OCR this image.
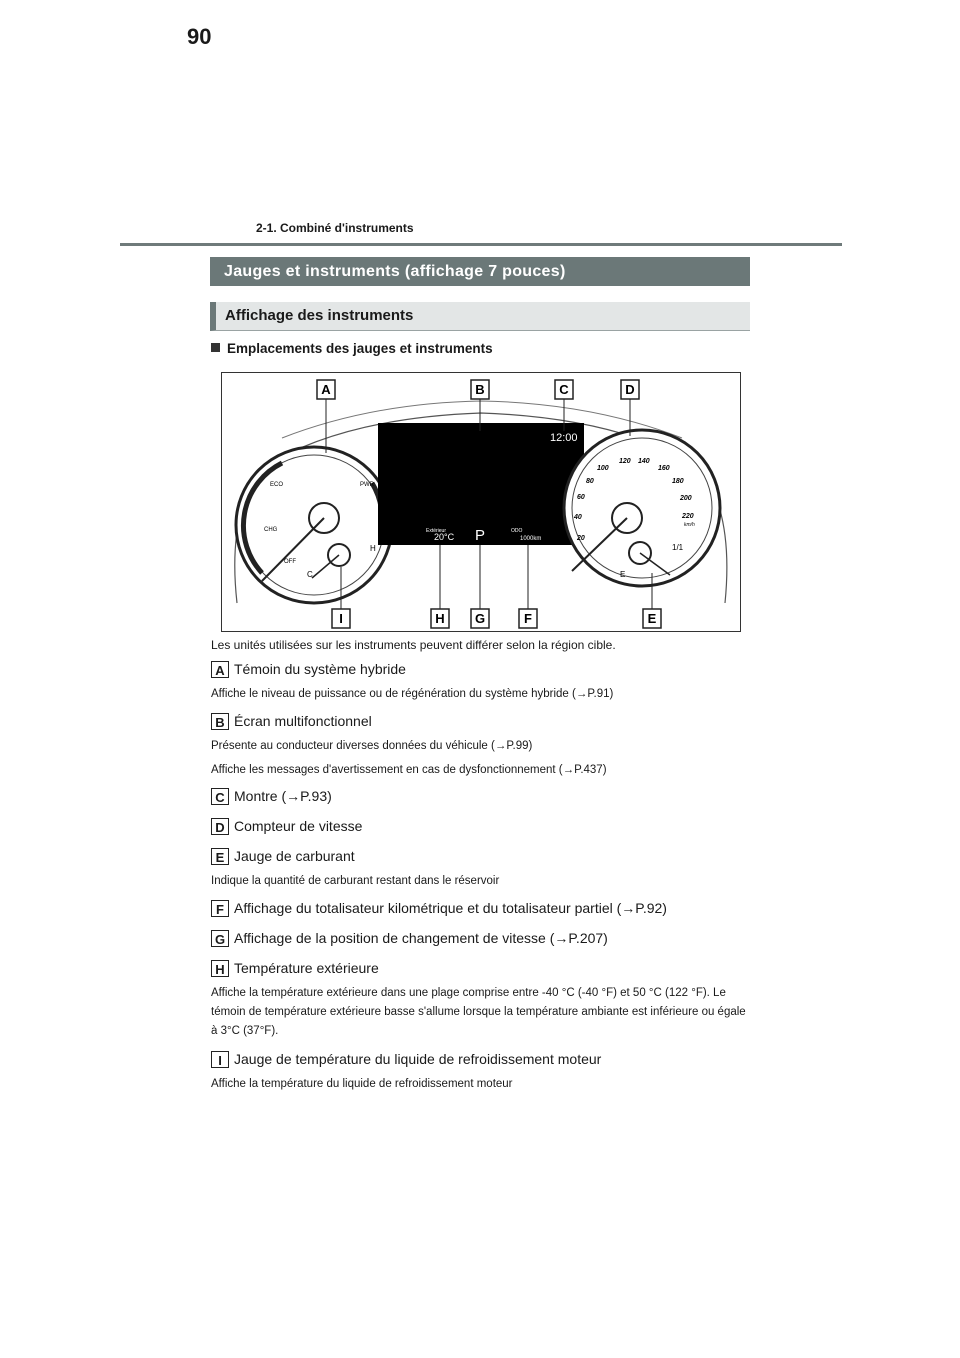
90
2-1. Combiné d'instruments
Jauges et instruments (affichage 7 pouces)
Affichage des instruments
Emplacements des jauges et instruments
ECO	PWR
CHG
OFF
C
H
12:00
Extérieur
20°C P	ODO
1000km	20
40
60
80
100
120 140
160
180
200
220
km/h
E
1/1
A	B	C	D
I	H G	F	E
Les unités utilisées sur les instruments peuvent différer selon la région cible.
A Témoin du système hybride
Affiche le niveau de puissance ou de régénération du système hybride (→P.91)
B Écran multifonctionnel
Présente au conducteur diverses données du véhicule (→P.99)
Affiche les messages d'avertissement en cas de dysfonctionnement (→P.437)
C Montre (→P.93)
D Compteur de vitesse
E Jauge de carburant
Indique la quantité de carburant restant dans le réservoir
F Affichage du totalisateur kilométrique et du totalisateur partiel (→P.92)
G Affichage de la position de changement de vitesse (→P.207)
H Température extérieure
Affiche la température extérieure dans une plage comprise entre -40 °C (-40 °F) et 50 °C (122 °F). Le témoin de température extérieure basse s'allume lorsque la température ambiante est inférieure ou égale à 3°C (37°F).
I Jauge de température du liquide de refroidissement moteur
Affiche la température du liquide de refroidissement moteur
